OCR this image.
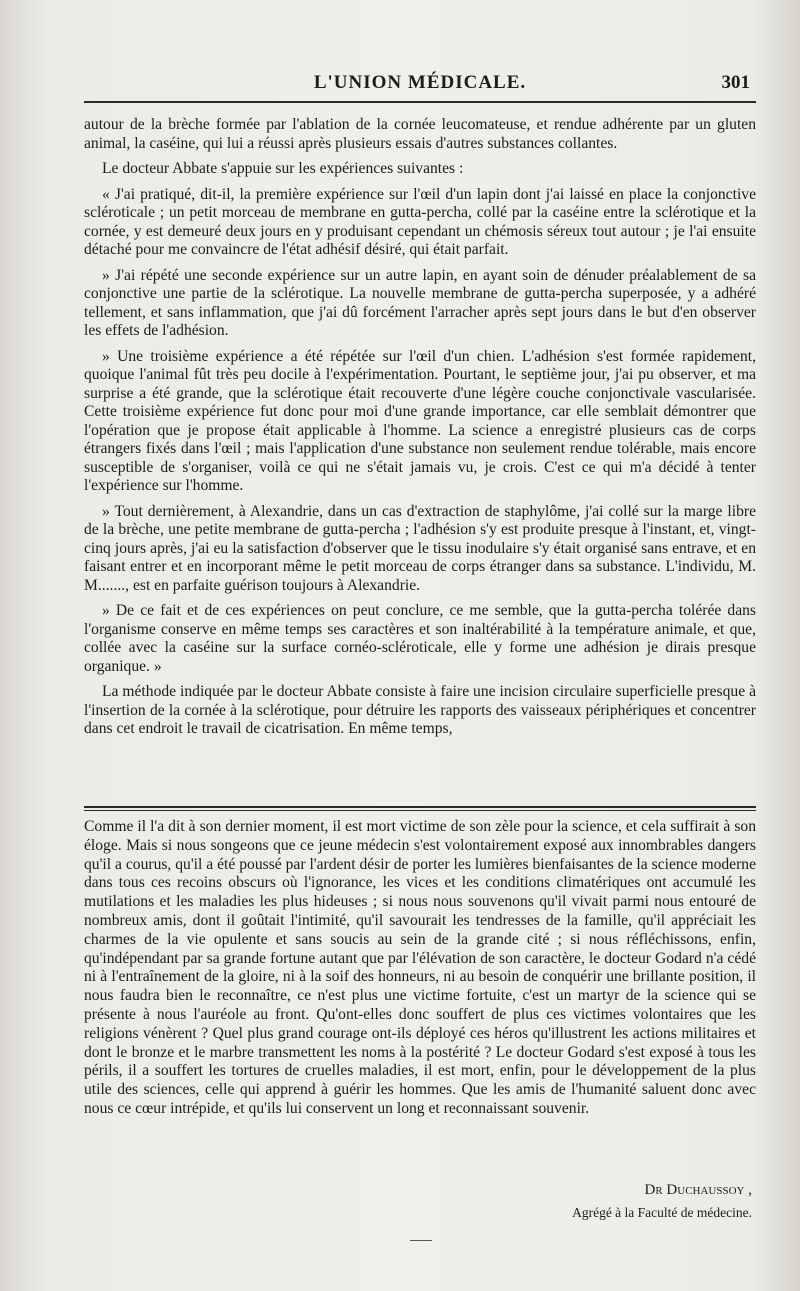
L'UNION MÉDICALE.	301

autour de la brèche formée par l'ablation de la cornée leucomateuse, et rendue adhérente par un gluten animal, la caséine, qui lui a réussi après plusieurs essais d'autres substances collantes.

Le docteur Abbate s'appuie sur les expériences suivantes :

« J'ai pratiqué, dit-il, la première expérience sur l'œil d'un lapin dont j'ai laissé en place la conjonctive scléroticale ; un petit morceau de membrane en gutta-percha, collé par la caséine entre la sclérotique et la cornée, y est demeuré deux jours en y produisant cependant un chémosis séreux tout autour ; je l'ai ensuite détaché pour me convaincre de l'état adhésif désiré, qui était parfait.

» J'ai répété une seconde expérience sur un autre lapin, en ayant soin de dénuder préalablement de sa conjonctive une partie de la sclérotique. La nouvelle membrane de gutta-percha superposée, y a adhéré tellement, et sans inflammation, que j'ai dû forcément l'arracher après sept jours dans le but d'en observer les effets de l'adhésion.

» Une troisième expérience a été répétée sur l'œil d'un chien. L'adhésion s'est formée rapidement, quoique l'animal fût très peu docile à l'expérimentation. Pourtant, le septième jour, j'ai pu observer, et ma surprise a été grande, que la sclérotique était recouverte d'une légère couche conjonctivale vascularisée. Cette troisième expérience fut donc pour moi d'une grande importance, car elle semblait démontrer que l'opération que je propose était applicable à l'homme. La science a enregistré plusieurs cas de corps étrangers fixés dans l'œil ; mais l'application d'une substance non seulement rendue tolérable, mais encore susceptible de s'organiser, voilà ce qui ne s'était jamais vu, je crois. C'est ce qui m'a décidé à tenter l'expérience sur l'homme.

» Tout dernièrement, à Alexandrie, dans un cas d'extraction de staphylôme, j'ai collé sur la marge libre de la brèche, une petite membrane de gutta-percha ; l'adhésion s'y est produite presque à l'instant, et, vingt-cinq jours après, j'ai eu la satisfaction d'observer que le tissu inodulaire s'y était organisé sans entrave, et en faisant entrer et en incorporant même le petit morceau de corps étranger dans sa substance. L'individu, M. M......., est en parfaite guérison toujours à Alexandrie.

» De ce fait et de ces expériences on peut conclure, ce me semble, que la gutta-percha tolérée dans l'organisme conserve en même temps ses caractères et son inaltérabilité à la température animale, et que, collée avec la caséine sur la surface cornéo-scléroticale, elle y forme une adhésion je dirais presque organique. »

La méthode indiquée par le docteur Abbate consiste à faire une incision circulaire superficielle presque à l'insertion de la cornée à la sclérotique, pour détruire les rapports des vaisseaux périphériques et concentrer dans cet endroit le travail de cicatrisation. En même temps,

Comme il l'a dit à son dernier moment, il est mort victime de son zèle pour la science, et cela suffirait à son éloge. Mais si nous songeons que ce jeune médecin s'est volontairement exposé aux innombrables dangers qu'il a courus, qu'il a été poussé par l'ardent désir de porter les lumières bienfaisantes de la science moderne dans tous ces recoins obscurs où l'ignorance, les vices et les conditions climatériques ont accumulé les mutilations et les maladies les plus hideuses ; si nous nous souvenons qu'il vivait parmi nous entouré de nombreux amis, dont il goûtait l'intimité, qu'il savourait les tendresses de la famille, qu'il appréciait les charmes de la vie opulente et sans soucis au sein de la grande cité ; si nous réfléchissons, enfin, qu'indépendant par sa grande fortune autant que par l'élévation de son caractère, le docteur Godard n'a cédé ni à l'entraînement de la gloire, ni à la soif des honneurs, ni au besoin de conquérir une brillante position, il nous faudra bien le reconnaître, ce n'est plus une victime fortuite, c'est un martyr de la science qui se présente à nous l'auréole au front. Qu'ont-elles donc souffert de plus ces victimes volontaires que les religions vénèrent ? Quel plus grand courage ont-ils déployé ces héros qu'illustrent les actions militaires et dont le bronze et le marbre transmettent les noms à la postérité ? Le docteur Godard s'est exposé à tous les périls, il a souffert les tortures de cruelles maladies, il est mort, enfin, pour le développement de la plus utile des sciences, celle qui apprend à guérir les hommes. Que les amis de l'humanité saluent donc avec nous ce cœur intrépide, et qu'ils lui conservent un long et reconnaissant souvenir.

Dr Duchaussoy ,
Agrégé à la Faculté de médecine.
